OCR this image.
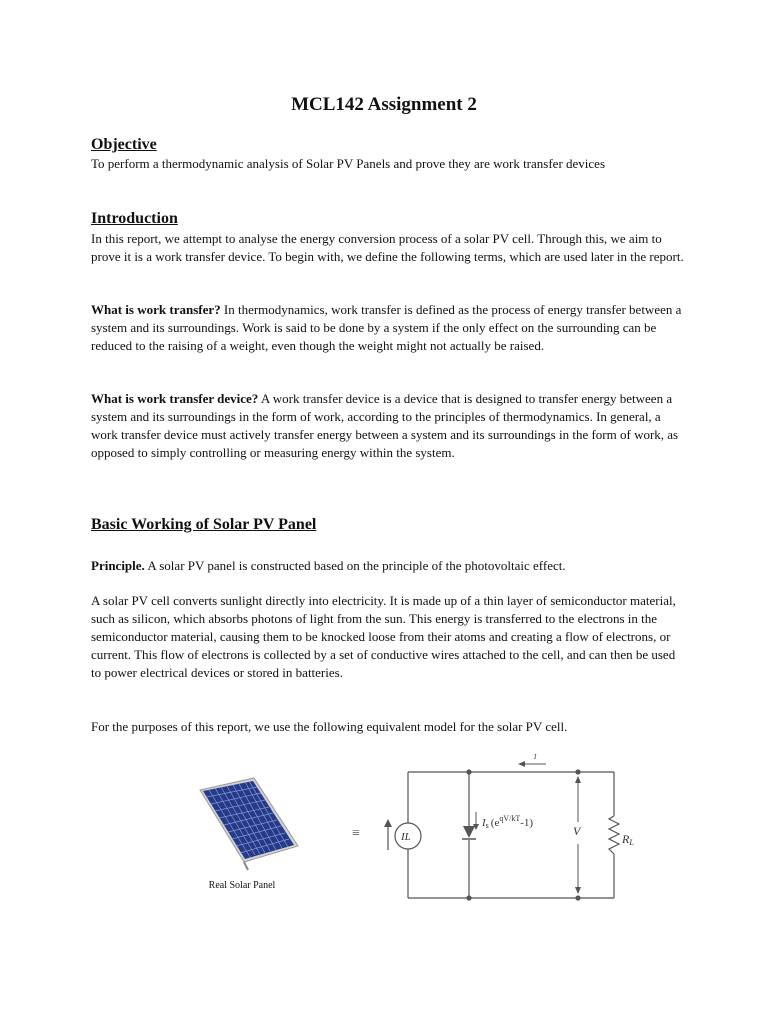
MCL142 Assignment 2
Objective

To perform a thermodynamic analysis of Solar PV Panels and prove they are work transfer devices

Introduction

In this report, we attempt to analyse the energy conversion process of a solar PV cell. Through this, we aim to prove it is a work transfer device. To begin with, we define the following terms, which are used later in the report.

What is work transfer? In thermodynamics, work transfer is defined as the process of energy transfer between a system and its surroundings. Work is said to be done by a system if the only effect on the surrounding can be reduced to the raising of a weight, even though the weight might not actually be raised.

What is work transfer device? A work transfer device is a device that is designed to transfer energy between a system and its surroundings in the form of work, according to the principles of thermodynamics. In general, a work transfer device must actively transfer energy between a system and its surroundings in the form of work, as opposed to simply controlling or measuring energy within the system.

Basic Working of Solar PV Panel

Principle. A solar PV panel is constructed based on the principle of the photovoltaic effect.

A solar PV cell converts sunlight directly into electricity. It is made up of a thin layer of semiconductor material, such as silicon, which absorbs photons of light from the sun. This energy is transferred to the electrons in the semiconductor material, causing them to be knocked loose from their atoms and creating a flow of electrons, or current. This flow of electrons is collected by a set of conductive wires attached to the cell, and can then be used to power electrical devices or stored in batteries.

For the purposes of this report, we use the following equivalent model for the solar PV cell.

Real Solar Panel

≡	IL
Is $(e^{qV/kT}-1)$
V
RL
I
